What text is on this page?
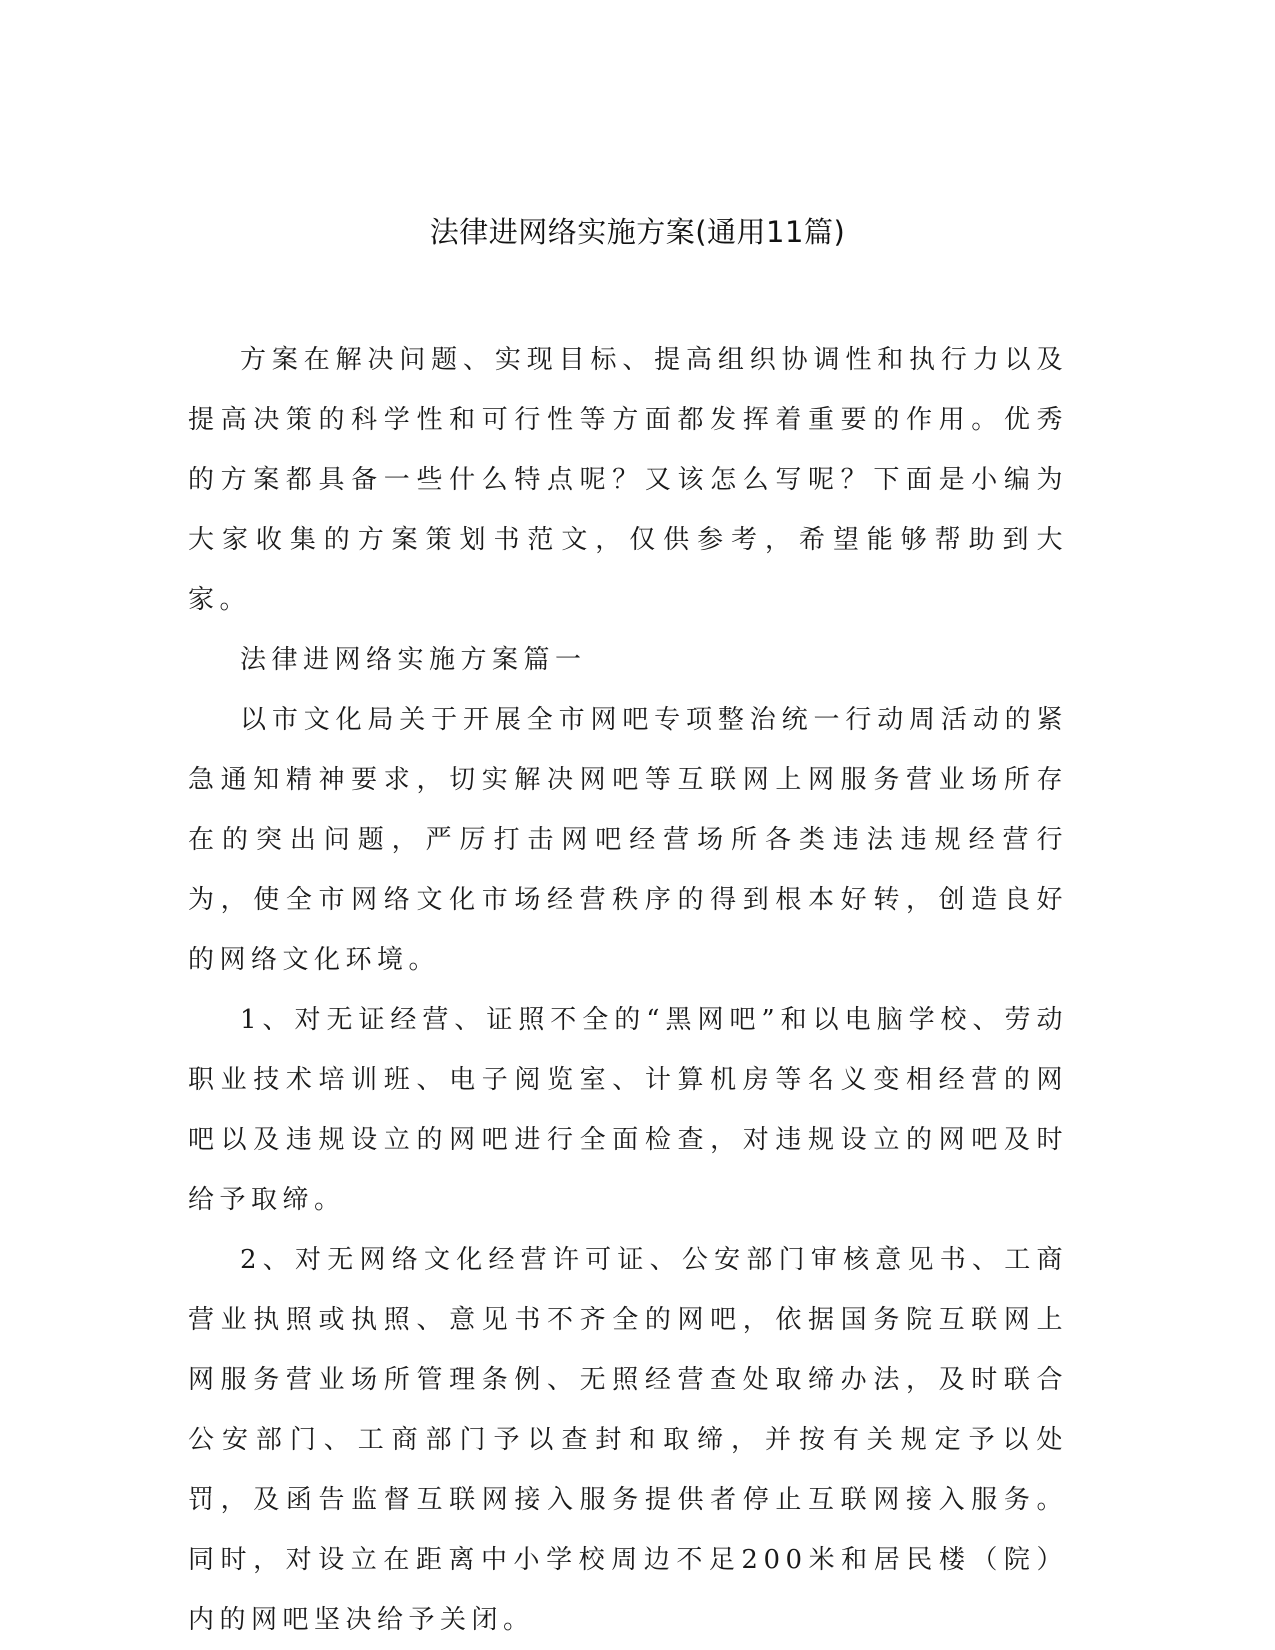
法律进网络实施方案(通用11篇)

方案在解决问题、实现目标、提高组织协调性和执行力以及提高决策的科学性和可行性等方面都发挥着重要的作用。优秀的方案都具备一些什么特点呢？又该怎么写呢？下面是小编为大家收集的方案策划书范文，仅供参考，希望能够帮助到大家。

法律进网络实施方案篇一

以市文化局关于开展全市网吧专项整治统一行动周活动的紧急通知精神要求，切实解决网吧等互联网上网服务营业场所存在的突出问题，严厉打击网吧经营场所各类违法违规经营行为，使全市网络文化市场经营秩序的得到根本好转，创造良好的网络文化环境。

1、对无证经营、证照不全的“黑网吧”和以电脑学校、劳动职业技术培训班、电子阅览室、计算机房等名义变相经营的网吧以及违规设立的网吧进行全面检查，对违规设立的网吧及时给予取缔。

2、对无网络文化经营许可证、公安部门审核意见书、工商营业执照或执照、意见书不齐全的网吧，依据国务院互联网上网服务营业场所管理条例、无照经营查处取缔办法，及时联合公安部门、工商部门予以查封和取缔，并按有关规定予以处罚，及函告监督互联网接入服务提供者停止互联网接入服务。同时，对设立在距离中小学校周边不足200米和居民楼（院）内的网吧坚决给予关闭。
